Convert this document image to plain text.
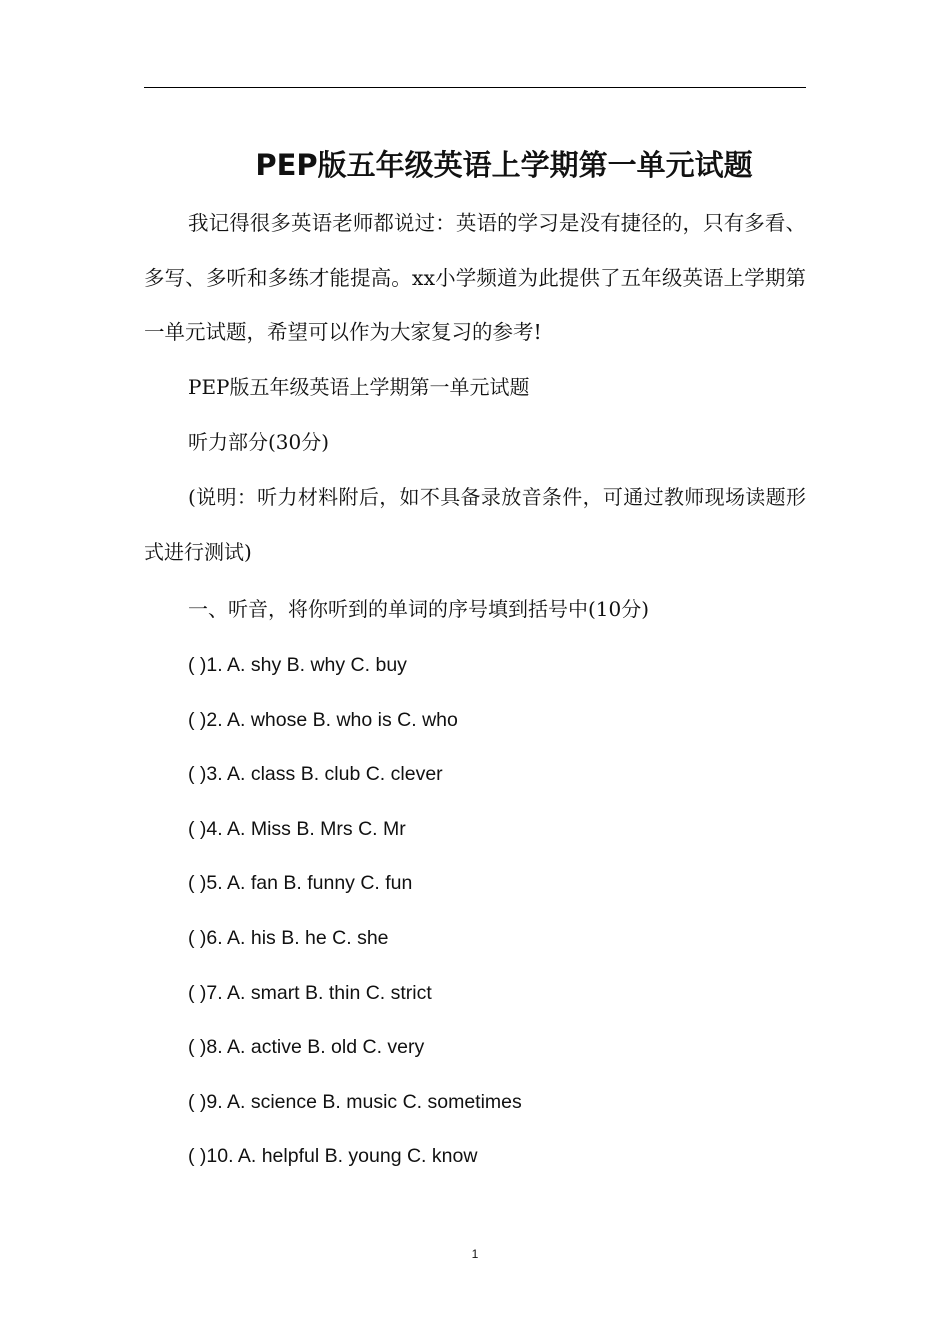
PEP版五年级英语上学期第一单元试题

我记得很多英语老师都说过：英语的学习是没有捷径的，只有多看、多写、多听和多练才能提高。xx小学频道为此提供了五年级英语上学期第一单元试题，希望可以作为大家复习的参考!

PEP版五年级英语上学期第一单元试题

听力部分(30分)

(说明：听力材料附后，如不具备录放音条件，可通过教师现场读题形式进行测试)

一、听音，将你听到的单词的序号填到括号中(10分)

( )1. A. shy B. why C. buy

( )2. A. whose B. who is C. who

( )3. A. class B. club C. clever

( )4. A. Miss B. Mrs C. Mr

( )5. A. fan B. funny C. fun

( )6. A. his B. he C. she

( )7. A. smart B. thin C. strict

( )8. A. active B. old C. very

( )9. A. science B. music C. sometimes

( )10. A. helpful B. young C. know

1
